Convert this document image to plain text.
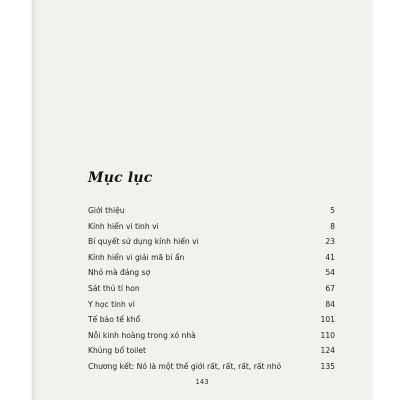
Mục lục
Giới thiệu	5
Kính hiển vi tinh vi	8
Bí quyết sử dụng kính hiển vi	23
Kính hiển vi giải mã bí ẩn	41
Nhỏ mà đáng sợ	54
Sát thủ tí hon	67
Y học tinh vi	84
Tế bào tế khổ	101
Nỗi kinh hoàng trong xó nhà	110
Khủng bố toilet	124
Chương kết: Nó là một thế giới rất, rất, rất, rất nhỏ	135
143
